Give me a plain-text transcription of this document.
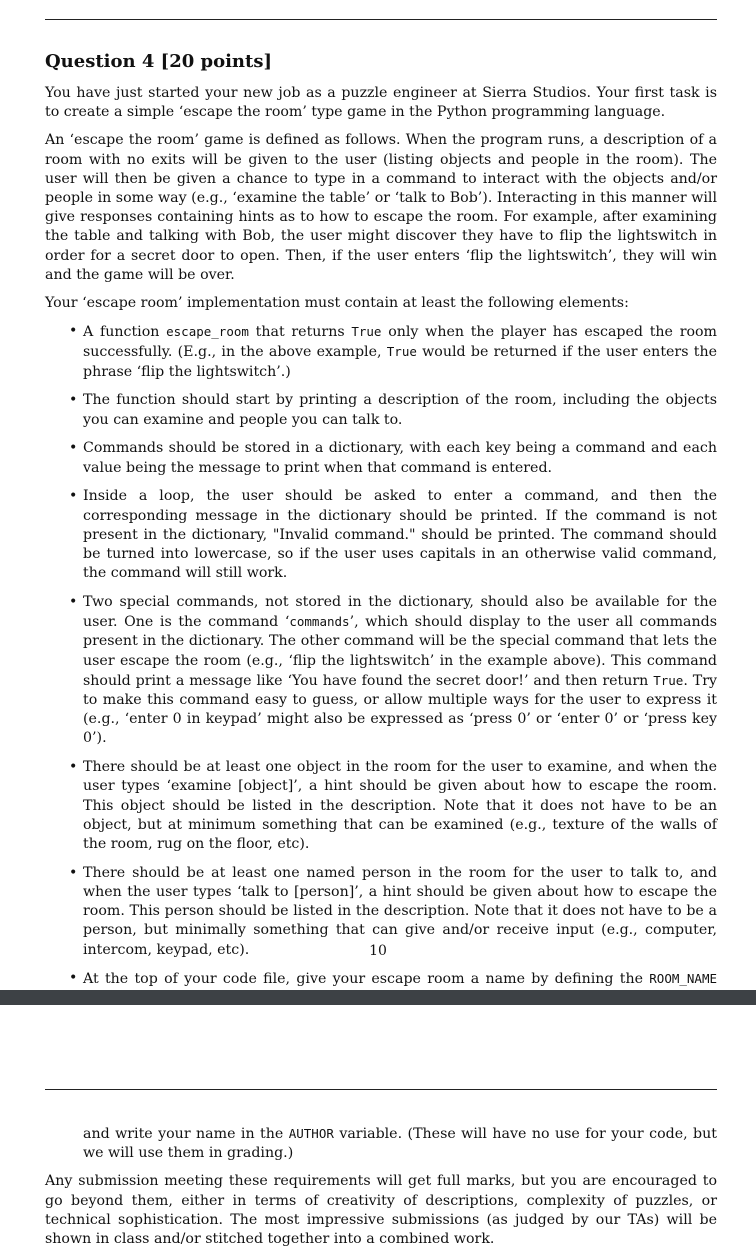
Question 4 [20 points]

You have just started your new job as a puzzle engineer at Sierra Studios. Your first task is to create a simple ‘escape the room’ type game in the Python programming language.

An ‘escape the room’ game is defined as follows. When the program runs, a description of a room with no exits will be given to the user (listing objects and people in the room). The user will then be given a chance to type in a command to interact with the objects and/or people in some way (e.g., ‘examine the table’ or ‘talk to Bob’). Interacting in this manner will give responses containing hints as to how to escape the room. For example, after examining the table and talking with Bob, the user might discover they have to flip the lightswitch in order for a secret door to open. Then, if the user enters ‘flip the lightswitch’, they will win and the game will be over.

Your ‘escape room’ implementation must contain at least the following elements:

• A function escape_room that returns True only when the player has escaped the room successfully. (E.g., in the above example, True would be returned if the user enters the phrase ‘flip the lightswitch’.)
• The function should start by printing a description of the room, including the objects you can examine and people you can talk to.
• Commands should be stored in a dictionary, with each key being a command and each value being the message to print when that command is entered.
• Inside a loop, the user should be asked to enter a command, and then the corresponding message in the dictionary should be printed. If the command is not present in the dictionary, "Invalid command." should be printed. The command should be turned into lowercase, so if the user uses capitals in an otherwise valid command, the command will still work.
• Two special commands, not stored in the dictionary, should also be available for the user. One is the command ‘commands’, which should display to the user all commands present in the dictionary. The other command will be the special command that lets the user escape the room (e.g., ‘flip the lightswitch’ in the example above). This command should print a message like ‘You have found the secret door!’ and then return True. Try to make this command easy to guess, or allow multiple ways for the user to express it (e.g., ‘enter 0 in keypad’ might also be expressed as ‘press 0’ or ‘enter 0’ or ‘press key 0’).
• There should be at least one object in the room for the user to examine, and when the user types ‘examine [object]’, a hint should be given about how to escape the room. This object should be listed in the description. Note that it does not have to be an object, but at minimum something that can be examined (e.g., texture of the walls of the room, rug on the floor, etc).
• There should be at least one named person in the room for the user to talk to, and when the user types ‘talk to [person]’, a hint should be given about how to escape the room. This person should be listed in the description. Note that it does not have to be a person, but minimally something that can give and/or receive input (e.g., computer, intercom, keypad, etc).
• At the top of your code file, give your escape room a name by defining the ROOM_NAME
10

and write your name in the AUTHOR variable. (These will have no use for your code, but we will use them in grading.)

Any submission meeting these requirements will get full marks, but you are encouraged to go beyond them, either in terms of creativity of descriptions, complexity of puzzles, or technical sophistication. The most impressive submissions (as judged by our TAs) will be shown in class and/or stitched together into a combined work.
